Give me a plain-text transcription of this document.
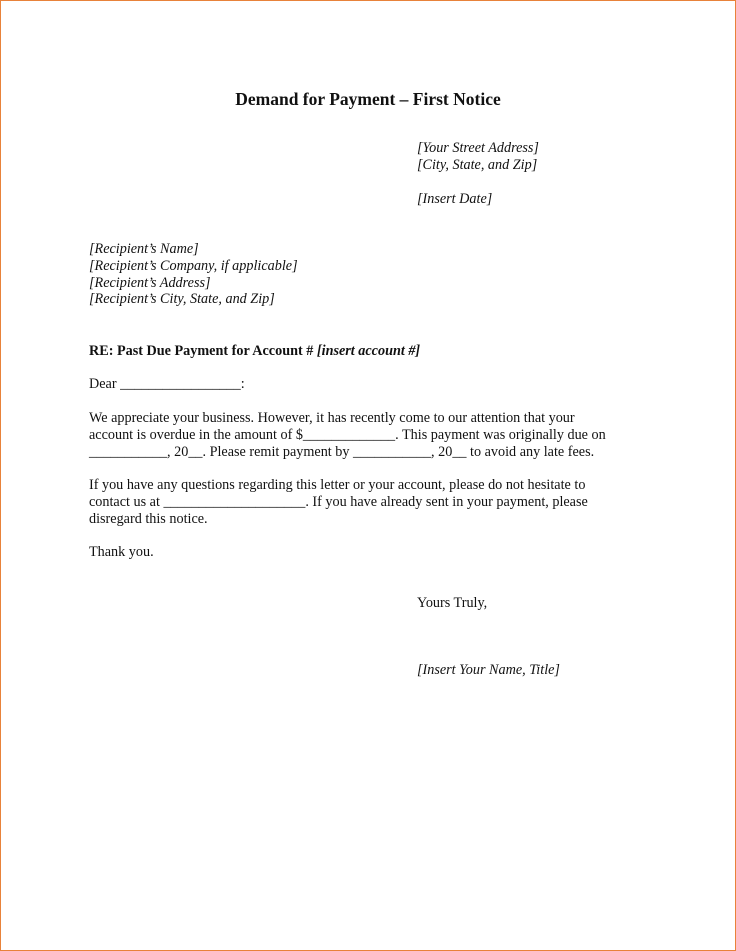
Demand for Payment – First Notice
[Your Street Address]
[City, State, and Zip]
[Insert Date]
[Recipient’s Name]
[Recipient’s Company, if applicable]
[Recipient’s Address]
[Recipient’s City, State, and Zip]
RE: Past Due Payment for Account # [insert account #]
Dear _________________:
We appreciate your business. However, it has recently come to our attention that your
account is overdue in the amount of $_____________. This payment was originally due on
___________, 20__. Please remit payment by ___________, 20__ to avoid any late fees.
If you have any questions regarding this letter or your account, please do not hesitate to
contact us at ____________________. If you have already sent in your payment, please
disregard this notice.
Thank you.
Yours Truly,
[Insert Your Name, Title]
